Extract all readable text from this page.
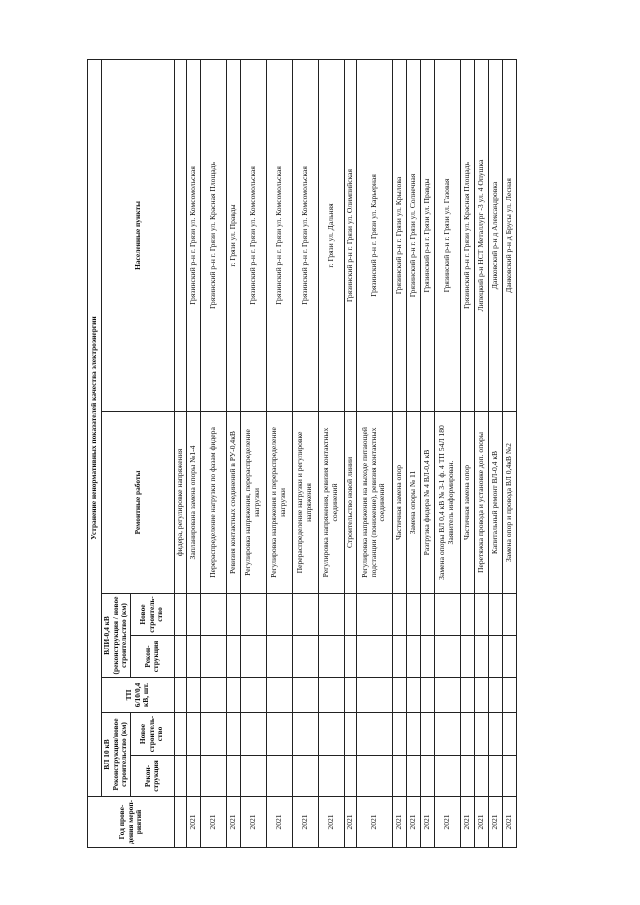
Год прове-дения мероп-риятий	Устранение ненормативных показателей качества электроэнергии						
	ВЛ 10 кВ Реконструкция/новое строительство (км)		ТП 6/10/0,4 кВ, шт.	ВЛИ-0,4 кВ (реконструкция / новое строительство (км)		Ремонтные работы	Населенные пункты
	Рекон-струкция	Новое строитель-ство		Рекон-струкция	Новое строитель-ство		
						фидера, регулировке напряжения	
2021						Запланирована замена опоры №1-4	Грязинский р-н г. Грязи ул. Комсомольская
2021						Перераспределение нагрузки по фазам фидера	Грязинский р-н г. Грязи ул. Красная Площадь
2021						Ревизия контактных соединений в РУ-0,4кВ	г. Грязи ул. Правды
2021						Регулировка напряжения, перераспределение нагрузки	Грязинский р-н г. Грязи ул. Комсомольская
2021						Регулировка напряжения и перераспределение нагрузки	Грязинский р-н г. Грязи ул. Комсомольская
2021						Перераспределение нагрузки и регулировке напряжения	Грязинский р-н г. Грязи ул. Комсомольская
2021						Регулировка напряжения, ревизия контактных соединений	г. Грязи ул. Дальняя
2021						Строительство новой линии	Грязинский р-н г. Грязи ул. Олимпийская
2021						Регулировка напряжения на выходе питающей подстанции (понижение), ревизия контактных соединений	Грязинский р-н г. Грязи ул. Карьерная
2021						Частичная замена опор	Грязинский р-н г. Грязи ул. Крылова
2021						Замена опоры № 11	Грязинский р-н г. Грязи ул. Солнечная
2021						Разгрузка фидера № 4 ВЛ-0,4 кВ	Грязинский р-н г. Грязи ул. Правды
2021						Замена опоры ВЛ 0,4 кВ № 3-1 ф. 4 ТП 54Л 180 Заявитель информирован.	Грязинский р-н г. Грязи ул. Газовая
2021						Частичная замена опор	Грязинский р-н г. Грязи ул. Красная Площадь
2021						Перетяжка провода и установке доп. опоры	Липецкий р-н НСТ Металлург -3 ул. 4 Опушка
2021						Капитальный ремонт ВЛ-0,4 кВ	Данковский р-н д Александровка
2021						Замена опор и провода ВЛ 0,4кВ №2	Данковский р-н д Брусы ул. Лесная
